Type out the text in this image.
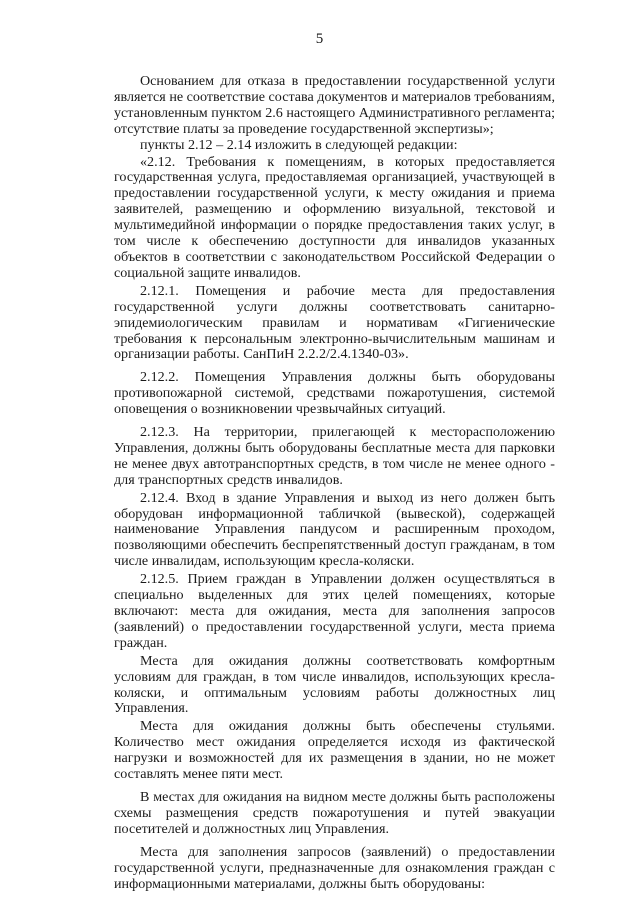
5

Основанием для отказа в предоставлении государственной услуги является не соответствие состава документов и материалов требованиям, установленным пунктом 2.6 настоящего Административного регламента; отсутствие платы за проведение государственной экспертизы»;

пункты 2.12 – 2.14 изложить в следующей редакции:

«2.12. Требования к помещениям, в которых предоставляется государственная услуга, предоставляемая организацией, участвующей в предоставлении государственной услуги, к месту ожидания и приема заявителей, размещению и оформлению визуальной, текстовой и мультимедийной информации о порядке предоставления таких услуг, в том числе к обеспечению доступности для инвалидов указанных объектов в соответствии с законодательством Российской Федерации о социальной защите инвалидов.

2.12.1. Помещения и рабочие места для предоставления государственной услуги должны соответствовать санитарно-эпидемиологическим правилам и нормативам «Гигиенические требования к персональным электронно-вычислительным машинам и организации работы. СанПиН 2.2.2/2.4.1340-03».

2.12.2. Помещения Управления должны быть оборудованы противопожарной системой, средствами пожаротушения, системой оповещения о возникновении чрезвычайных ситуаций.

2.12.3. На территории, прилегающей к месторасположению Управления, должны быть оборудованы бесплатные места для парковки не менее двух автотранспортных средств, в том числе не менее одного - для транспортных средств инвалидов.

2.12.4. Вход в здание Управления и выход из него должен быть оборудован информационной табличкой (вывеской), содержащей наименование Управления пандусом и расширенным проходом, позволяющими обеспечить беспрепятственный доступ гражданам, в том числе инвалидам, использующим кресла-коляски.

2.12.5. Прием граждан в Управлении должен осуществляться в специально выделенных для этих целей помещениях, которые включают: места для ожидания, места для заполнения запросов (заявлений) о предоставлении государственной услуги, места приема граждан.

Места для ожидания должны соответствовать комфортным условиям для граждан, в том числе инвалидов, использующих кресла-коляски, и оптимальным условиям работы должностных лиц Управления.

Места для ожидания должны быть обеспечены стульями. Количество мест ожидания определяется исходя из фактической нагрузки и возможностей для их размещения в здании, но не может составлять менее пяти мест.

В местах для ожидания на видном месте должны быть расположены схемы размещения средств пожаротушения и путей эвакуации посетителей и должностных лиц Управления.

Места для заполнения запросов (заявлений) о предоставлении государственной услуги, предназначенные для ознакомления граждан с информационными материалами, должны быть оборудованы:
